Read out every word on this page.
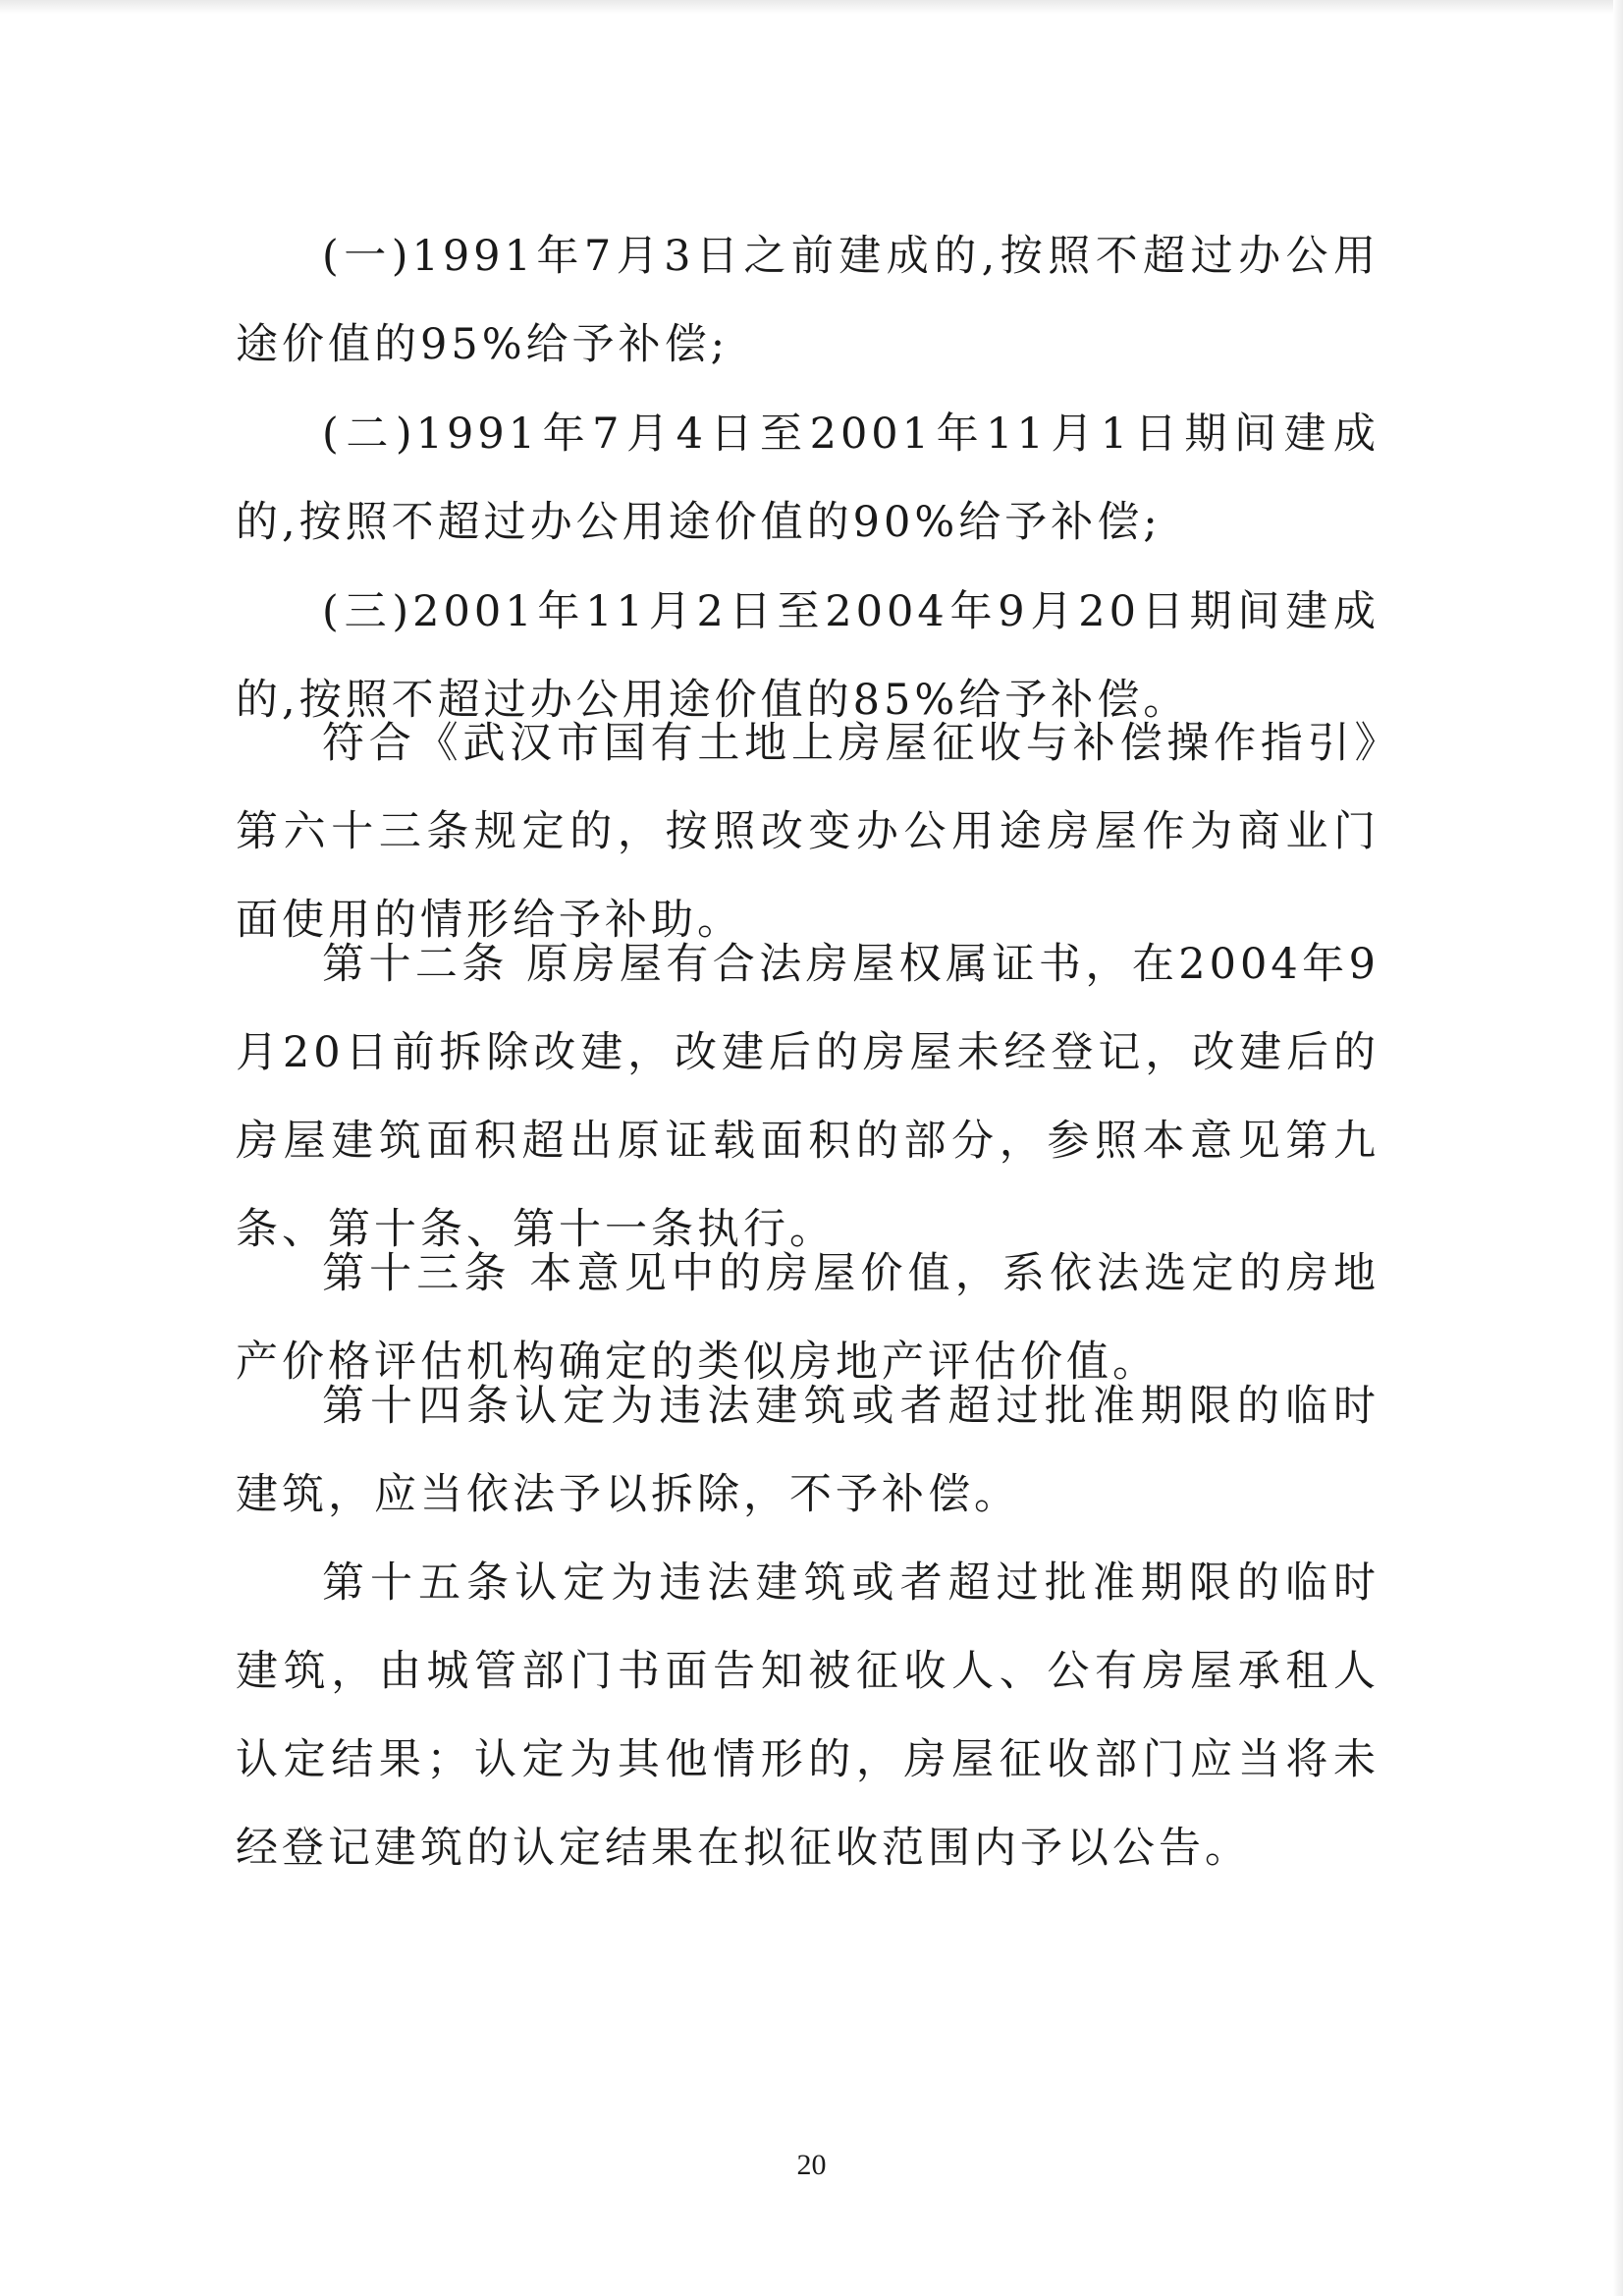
(一)1991年7月3日之前建成的,按照不超过办公用途价值的95%给予补偿;

(二)1991年7月4日至2001年11月1日期间建成的,按照不超过办公用途价值的90%给予补偿;

(三)2001年11月2日至2004年9月20日期间建成的,按照不超过办公用途价值的85%给予补偿。

符合《武汉市国有土地上房屋征收与补偿操作指引》第六十三条规定的，按照改变办公用途房屋作为商业门面使用的情形给予补助。

第十二条 原房屋有合法房屋权属证书，在2004年9月20日前拆除改建，改建后的房屋未经登记，改建后的房屋建筑面积超出原证载面积的部分，参照本意见第九条、第十条、第十一条执行。

第十三条 本意见中的房屋价值，系依法选定的房地产价格评估机构确定的类似房地产评估价值。

第十四条认定为违法建筑或者超过批准期限的临时建筑，应当依法予以拆除，不予补偿。

第十五条认定为违法建筑或者超过批准期限的临时建筑，由城管部门书面告知被征收人、公有房屋承租人认定结果；认定为其他情形的，房屋征收部门应当将未经登记建筑的认定结果在拟征收范围内予以公告。

20
